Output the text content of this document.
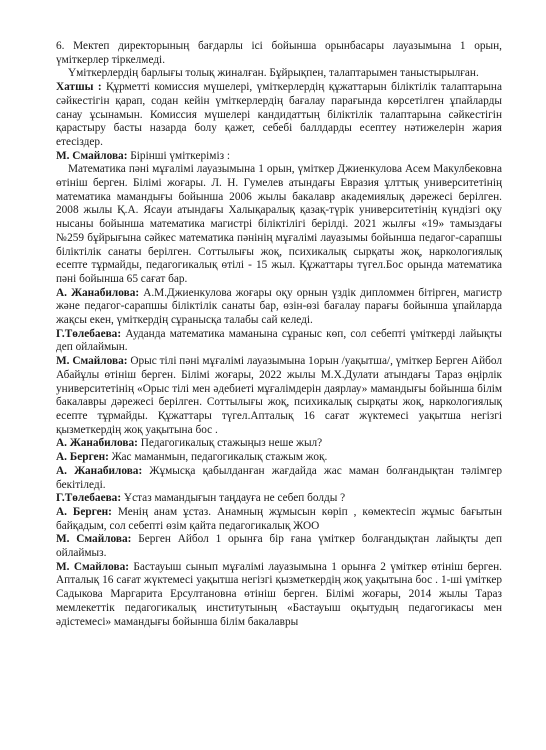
6. Мектеп директорының бағдарлы ісі бойынша орынбасары лауазымына 1 орын, үміткерлер тіркелмеді.

Үміткерлердің барлығы толық жиналған. Бұйрықпен, талаптарымен таныстырылған.

Хатшы : Құрметті комиссия мүшелері, үміткерлердің құжаттарын біліктілік талаптарына сәйкестігін қарап, содан кейін үміткерлердің бағалау парағында көрсетілген ұпайларды санау ұсынамын. Комиссия мүшелері кандидаттың біліктілік талаптарына сәйкестігін қарастыру басты назарда болу қажет, себебі баллдарды есептеу нәтижелерін жария етесіздер.

М. Смайлова: Бірінші үміткеріміз :

Математика пәні мұғалімі лауазымына 1 орын, үміткер Джиенкулова Асем Макулбековна өтініш берген. Білімі жоғары. Л. Н. Гумелев атындағы Евразия ұлттық университетінің математика мамандығы бойынша 2006 жылы бакалавр академиялық дәрежесі берілген. 2008 жылы Қ.А. Ясауи атындағы Халықаралық қазақ-түрік университетінің күндізгі оқу нысаны бойынша математика магистрі біліктілігі берілді. 2021 жылғы «19» тамыздағы №259 бұйрығына сәйкес математика пәнінің мұғалімі лауазымы бойынша педагог-сарапшы біліктілік санаты берілген. Соттылығы жоқ, психикалық сырқаты жоқ, наркологиялық есепте тұрмайды, педагогикалық өтілі - 15 жыл. Құжаттары түгел.Бос орында математика пәні бойынша 65 сағат бар.

А. Жанабилова: А.М.Джиенкулова жоғары оқу орнын үздік дипломмен бітірген, магистр және педагог-сарапшы біліктілік санаты бар, өзін-өзі бағалау парағы бойынша ұпайларда жақсы екен, үміткердің сұранысқа талабы сай келеді.

Г.Төлебаева: Ауданда математика маманына сұраныс көп, сол себепті үміткерді лайықты деп ойлаймын.

М. Смайлова: Орыс тілі пәні мұғалімі лауазымына 1орын /уақытша/, үміткер Берген Айбол Абайұлы өтініш берген. Білімі жоғары, 2022 жылы М.Х.Дулати атындағы Тараз өңірлік университетінің «Орыс тілі мен әдебиеті мұғалімдерін даярлау» мамандығы бойынша білім бакалавры дәрежесі берілген. Соттылығы жоқ, психикалық сырқаты жоқ, наркологиялық есепте тұрмайды. Құжаттары түгел.Апталық 16 сағат жүктемесі уақытша негізгі қызметкердің жоқ уақытына бос .

А. Жанабилова: Педагогикалық стажыңыз неше жыл?

А. Берген: Жас маманмын, педагогикалық стажым жоқ.

А. Жанабилова: Жұмысқа қабылданған жағдайда жас маман болғандықтан тәлімгер бекітіледі.

Г.Төлебаева: Ұстаз мамандығын таңдауға не себеп болды ?

А. Берген: Менің анам ұстаз. Анамның жұмысын көріп , көмектесіп жұмыс бағытын байқадым, сол себепті өзім қайта педагогикалық ЖОО

М. Смайлова: Берген Айбол 1 орынға бір ғана үміткер болғандықтан лайықты деп ойлаймыз.

М. Смайлова: Бастауыш сынып мұғалімі лауазымына 1 орынға 2 үміткер өтініш берген. Апталық 16 сағат жүктемесі уақытша негізгі қызметкердің жоқ уақытына бос . 1-ші үміткер Садыкова Маргарита Ерсултановна өтініш берген. Білімі жоғары, 2014 жылы Тараз мемлекеттік педагогикалық институтының «Бастауыш оқытудың педагогикасы мен әдістемесі» мамандығы бойынша білім бакалавры
